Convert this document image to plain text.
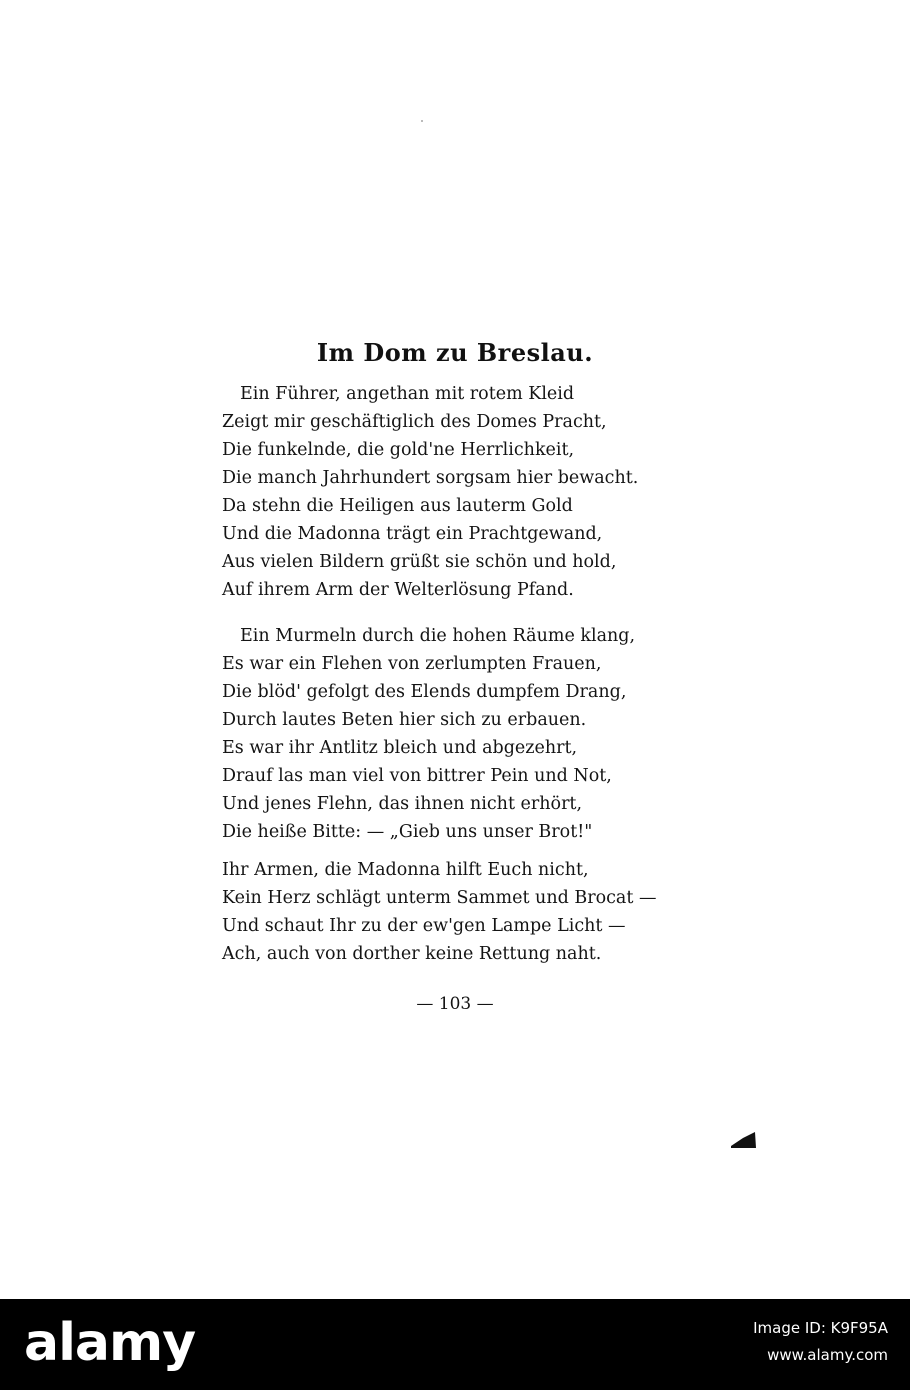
Im Dom zu Breslau.
Ein Führer, angethan mit rotem Kleid
Zeigt mir geschäftiglich des Domes Pracht,
Die funkelnde, die gold'ne Herrlichkeit,
Die manch Jahrhundert sorgsam hier bewacht.
Da stehn die Heiligen aus lauterm Gold
Und die Madonna trägt ein Prachtgewand,
Aus vielen Bildern grüßt sie schön und hold,
Auf ihrem Arm der Welterlösung Pfand.
Ein Murmeln durch die hohen Räume klang,
Es war ein Flehen von zerlumpten Frauen,
Die blöd' gefolgt des Elends dumpfem Drang,
Durch lautes Beten hier sich zu erbauen.
Es war ihr Antlitz bleich und abgezehrt,
Drauf las man viel von bittrer Pein und Not,
Und jenes Flehn, das ihnen nicht erhört,
Die heiße Bitte: — „Gieb uns unser Brot!"
Ihr Armen, die Madonna hilft Euch nicht,
Kein Herz schlägt unterm Sammet und Brocat —
Und schaut Ihr zu der ew'gen Lampe Licht —
Ach, auch von dorther keine Rettung naht.
— 103 —
alamy	Image ID: K9F95A
www.alamy.com
